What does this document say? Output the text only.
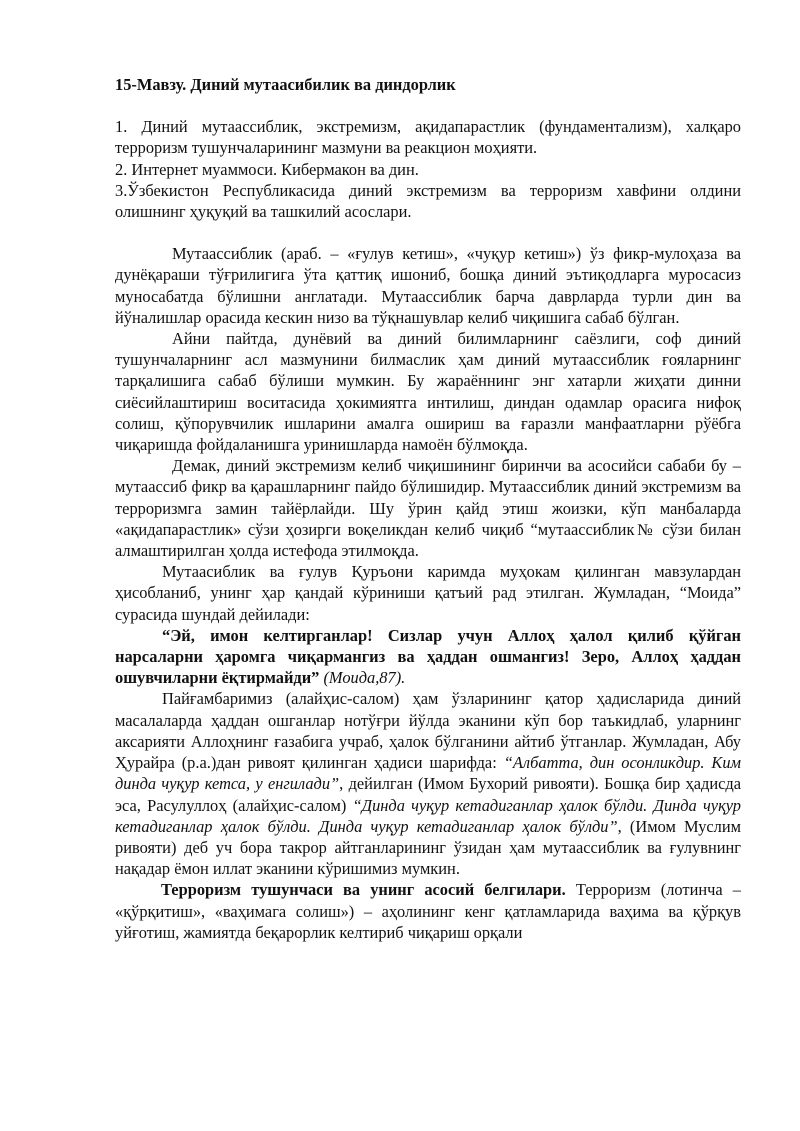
15-Мавзу. Диний мутаасибилик ва диндорлик

1. Диний мутаассиблик, экстремизм, ақидапарастлик (фундаментализм), халқаро терроризм тушунчаларининг мазмуни ва реакцион моҳияти.

2. Интернет муаммоси. Кибермакон ва дин.

3.Ўзбекистон Республикасида диний экстремизм ва терроризм хавфини олдини олишнинг ҳуқуқий ва ташкилий асослари.

Мутаассиблик (араб. – «ғулув кетиш», «чуқур кетиш») ўз фикр-мулоҳаза ва дунёқараши тўғрилигига ўта қаттиқ ишониб, бошқа диний эътиқодларга муросасиз муносабатда бўлишни англатади. Мутаассиблик барча даврларда турли дин ва йўналишлар орасида кескин низо ва тўқнашувлар келиб чиқишига сабаб бўлган.

Айни пайтда, дунёвий ва диний билимларнинг саёзлиги, соф диний тушунчаларнинг асл мазмунини билмаслик ҳам диний мутаассиблик ғояларнинг тарқалишига сабаб бўлиши мумкин. Бу жараённинг энг хатарли жиҳати динни сиёсийлаштириш воситасида ҳокимиятга интилиш, диндан одамлар орасига нифоқ солиш, қўпорувчилик ишларини амалга ошириш ва ғаразли манфаатларни рўёбга чиқаришда фойдаланишга уринишларда намоён бўлмоқда.

Демак, диний экстремизм келиб чиқишининг биринчи ва асосийси сабаби бу – мутаассиб фикр ва қарашларнинг пайдо бўлишидир. Мутаассиблик диний экстремизм ва терроризмга замин тайёрлайди. Шу ўрин қайд этиш жоизки, кўп манбаларда «ақидапарастлик» сўзи ҳозирги воқеликдан келиб чиқиб “мутаассиблик№ сўзи билан алмаштирилган ҳолда истефода этилмоқда.

Мутаасиблик ва ғулув Қуръони каримда муҳокам қилинган мавзулардан ҳисобланиб, унинг ҳар қандай кўриниши қатъий рад этилган. Жумладан, “Моида” сурасида шундай дейилади:

“Эй, имон келтирганлар! Сизлар учун Аллоҳ ҳалол қилиб қўйган нарсаларни ҳаромга чиқармангиз ва ҳаддан ошмангиз! Зеро, Аллоҳ ҳаддан ошувчиларни ёқтирмайди” (Моида,87).

Пайғамбаримиз (алайҳис-салом) ҳам ўзларининг қатор ҳадисларида диний масалаларда ҳаддан ошганлар нотўғри йўлда эканини кўп бор таъкидлаб, уларнинг аксарияти Аллоҳнинг ғазабига учраб, ҳалок бўлганини айтиб ўтганлар. Жумладан, Абу Ҳурайра (р.а.)дан ривоят қилинган ҳадиси шарифда: “Албатта, дин осонликдир. Ким динда чуқур кетса, у енгилади”, дейилган (Имом Бухорий ривояти). Бошқа бир ҳадисда эса, Расулуллоҳ (алайҳис-салом) “Динда чуқур кетадиганлар ҳалок бўлди. Динда чуқур кетадиганлар ҳалок бўлди. Динда чуқур кетадиганлар ҳалок бўлди”, (Имом Муслим ривояти) деб уч бора такрор айтганларининг ўзидан ҳам мутаассиблик ва ғулувнинг нақадар ёмон иллат эканини кўришимиз мумкин.

Терроризм тушунчаси ва унинг асосий белгилари. Терроризм (лотинча – «қўрқитиш», «ваҳимага солиш») – аҳолининг кенг қатламларида ваҳима ва қўрқув уйғотиш, жамиятда беқарорлик келтириб чиқариш орқали
